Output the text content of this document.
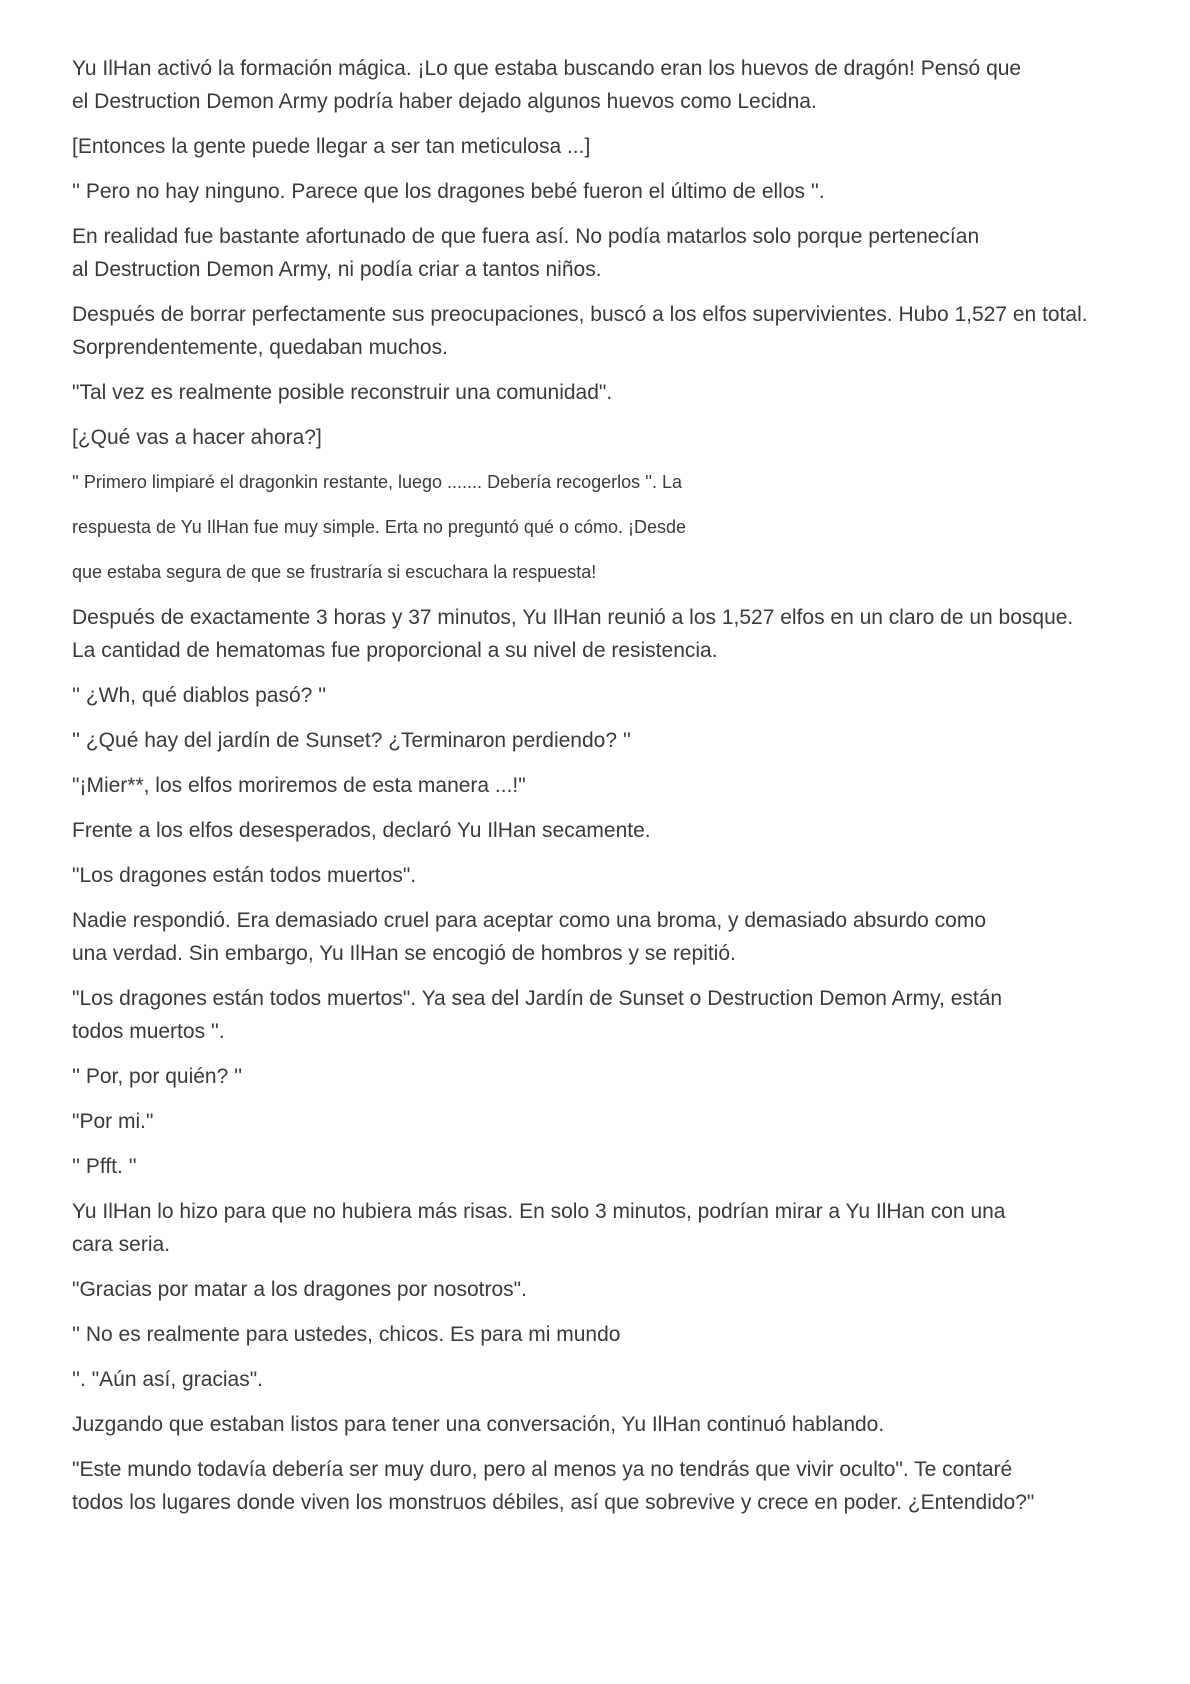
Yu IlHan activó la formación mágica. ¡Lo que estaba buscando eran los huevos de dragón! Pensó que
el Destruction Demon Army podría haber dejado algunos huevos como Lecidna.
[Entonces la gente puede llegar a ser tan meticulosa ...]
'' Pero no hay ninguno. Parece que los dragones bebé fueron el último de ellos ''.
En realidad fue bastante afortunado de que fuera así. No podía matarlos solo porque pertenecían
al Destruction Demon Army, ni podía criar a tantos niños.
Después de borrar perfectamente sus preocupaciones, buscó a los elfos supervivientes. Hubo 1,527 en total.
Sorprendentemente, quedaban muchos.
"Tal vez es realmente posible reconstruir una comunidad".
[¿Qué vas a hacer ahora?]
'' Primero limpiaré el dragonkin restante, luego ....... Debería recogerlos ''. La
respuesta de Yu IlHan fue muy simple. Erta no preguntó qué o cómo. ¡Desde
que estaba segura de que se frustraría si escuchara la respuesta!
Después de exactamente 3 horas y 37 minutos, Yu IlHan reunió a los 1,527 elfos en un claro de un bosque.
La cantidad de hematomas fue proporcional a su nivel de resistencia.
'' ¿Wh, qué diablos pasó? ''
'' ¿Qué hay del jardín de Sunset? ¿Terminaron perdiendo? ''
"¡Mier**, los elfos moriremos de esta manera ...!"
Frente a los elfos desesperados, declaró Yu IlHan secamente.
"Los dragones están todos muertos".
Nadie respondió. Era demasiado cruel para aceptar como una broma, y demasiado absurdo como
una verdad. Sin embargo, Yu IlHan se encogió de hombros y se repitió.
"Los dragones están todos muertos". Ya sea del Jardín de Sunset o Destruction Demon Army, están
todos muertos ''.
'' Por, por quién? ''
"Por mi."
'' Pfft. ''
Yu IlHan lo hizo para que no hubiera más risas. En solo 3 minutos, podrían mirar a Yu IlHan con una
cara seria.
"Gracias por matar a los dragones por nosotros".
'' No es realmente para ustedes, chicos. Es para mi mundo
''. "Aún así, gracias".
Juzgando que estaban listos para tener una conversación, Yu IlHan continuó hablando.
"Este mundo todavía debería ser muy duro, pero al menos ya no tendrás que vivir oculto". Te contaré
todos los lugares donde viven los monstruos débiles, así que sobrevive y crece en poder. ¿Entendido?"
